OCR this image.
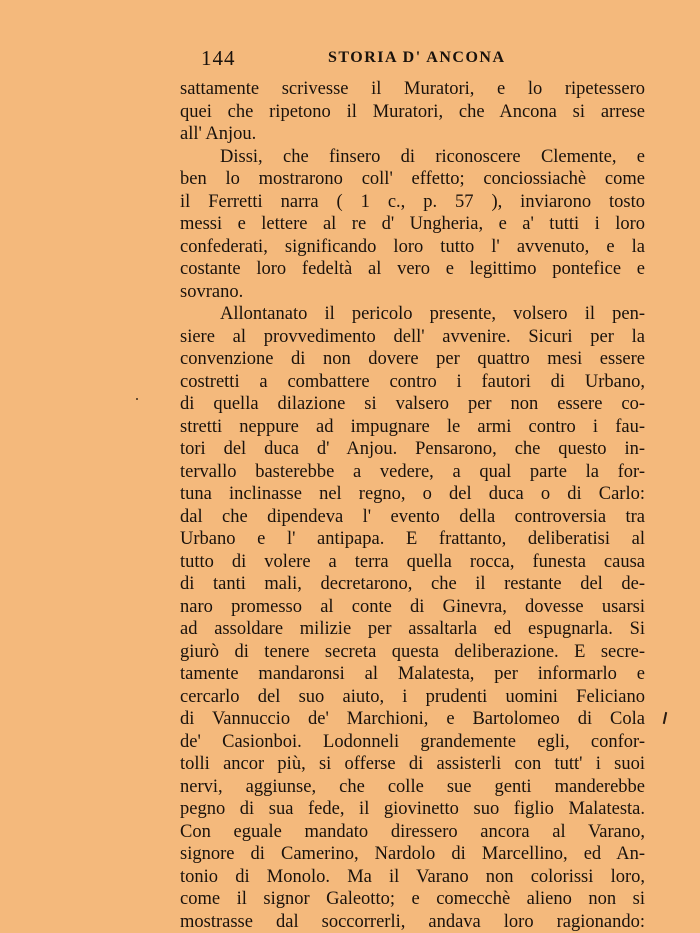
144	STORIA D' ANCONA
sattamente scrivesse il Muratori, e lo ripetessero
quei che ripetono il Muratori, che Ancona si arrese
all' Anjou.
Dissi, che finsero di riconoscere Clemente, e
ben lo mostrarono coll' effetto; conciossiachè come
il Ferretti narra ( 1 c., p. 57 ), inviarono tosto
messi e lettere al re d' Ungheria, e a' tutti i loro
confederati, significando loro tutto l' avvenuto, e la
costante loro fedeltà al vero e legittimo pontefice e
sovrano.
Allontanato il pericolo presente, volsero il pen-
siere al provvedimento dell' avvenire. Sicuri per la
convenzione di non dovere per quattro mesi essere
costretti a combattere contro i fautori di Urbano,
di quella dilazione si valsero per non essere co-
stretti neppure ad impugnare le armi contro i fau-
tori del duca d' Anjou. Pensarono, che questo in-
tervallo basterebbe a vedere, a qual parte la for-
tuna inclinasse nel regno, o del duca o di Carlo:
dal che dipendeva l' evento della controversia tra
Urbano e l' antipapa. E frattanto, deliberatisi al
tutto di volere a terra quella rocca, funesta causa
di tanti mali, decretarono, che il restante del de-
naro promesso al conte di Ginevra, dovesse usarsi
ad assoldare milizie per assaltarla ed espugnarla. Si
giurò di tenere secreta questa deliberazione. E secre-
tamente mandaronsi al Malatesta, per informarlo e
cercarlo del suo aiuto, i prudenti uomini Feliciano
di Vannuccio de' Marchioni, e Bartolomeo di Cola
de' Casionboi. Lodonneli grandemente egli, confor-
tolli ancor più, si offerse di assisterli con tutt' i suoi
nervi, aggiunse, che colle sue genti manderebbe
pegno di sua fede, il giovinetto suo figlio Malatesta.
Con eguale mandato diressero ancora al Varano,
signore di Camerino, Nardolo di Marcellino, ed An-
tonio di Monolo. Ma il Varano non colorissi loro,
come il signor Galeotto; e comecchè alieno non si
mostrasse dal soccorrerli, andava loro ragionando:
